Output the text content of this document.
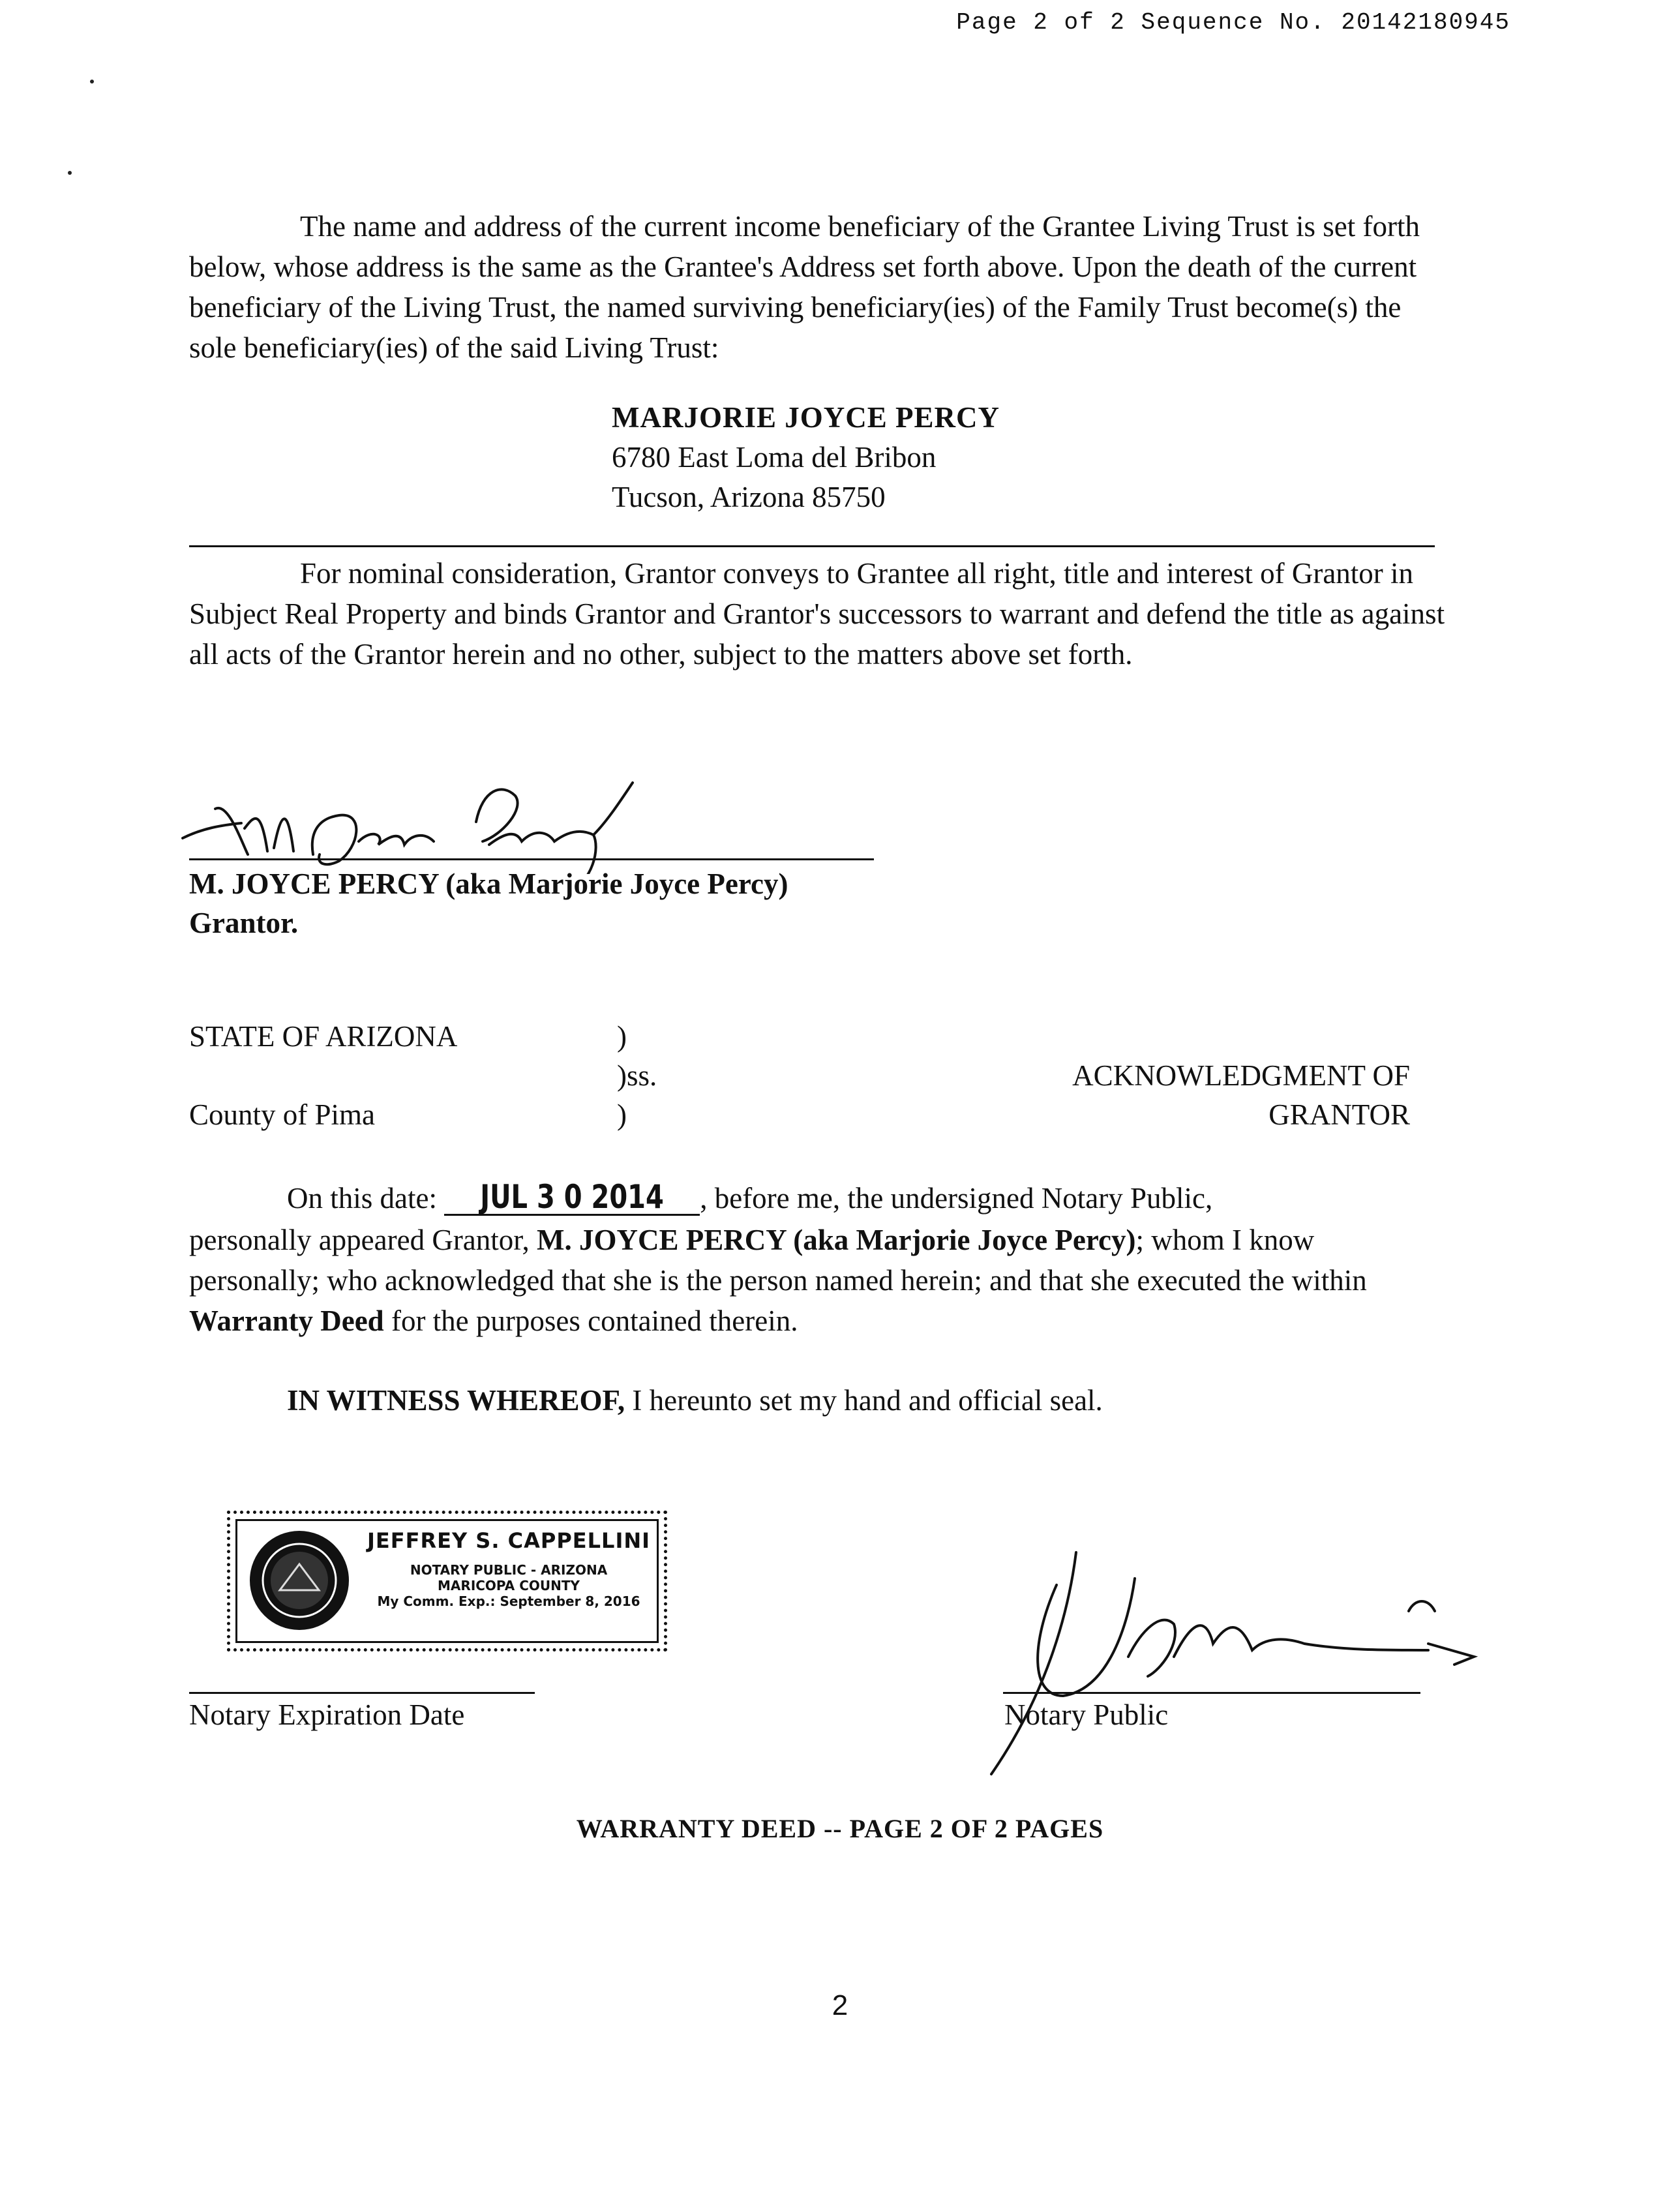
Page 2 of 2 Sequence No. 20142180945
The name and address of the current income beneficiary of the Grantee Living Trust is set forth below, whose address is the same as the Grantee's Address set forth above. Upon the death of the current beneficiary of the Living Trust, the named surviving beneficiary(ies) of the Family Trust become(s) the sole beneficiary(ies) of the said Living Trust:
MARJORIE JOYCE PERCY
6780 East Loma del Bribon
Tucson, Arizona 85750
For nominal consideration, Grantor conveys to Grantee all right, title and interest of Grantor in Subject Real Property and binds Grantor and Grantor's successors to warrant and defend the title as against all acts of the Grantor herein and no other, subject to the matters above set forth.
M. JOYCE PERCY (aka Marjorie Joyce Percy)
Grantor.
STATE OF ARIZONA	)
)ss.
County of Pima	)
ACKNOWLEDGMENT OF
GRANTOR
On this date: JUL 3 0 2014 , before me, the undersigned Notary Public,
personally appeared Grantor, M. JOYCE PERCY (aka Marjorie Joyce Percy); whom I know personally; who acknowledged that she is the person named herein; and that she executed the within Warranty Deed for the purposes contained therein.
IN WITNESS WHEREOF, I hereunto set my hand and official seal.
JEFFREY S. CAPPELLINI
NOTARY PUBLIC - ARIZONA
MARICOPA COUNTY
My Comm. Exp.: September 8, 2016
Notary Expiration Date	Notary Public
WARRANTY DEED -- PAGE 2 OF 2 PAGES
2
